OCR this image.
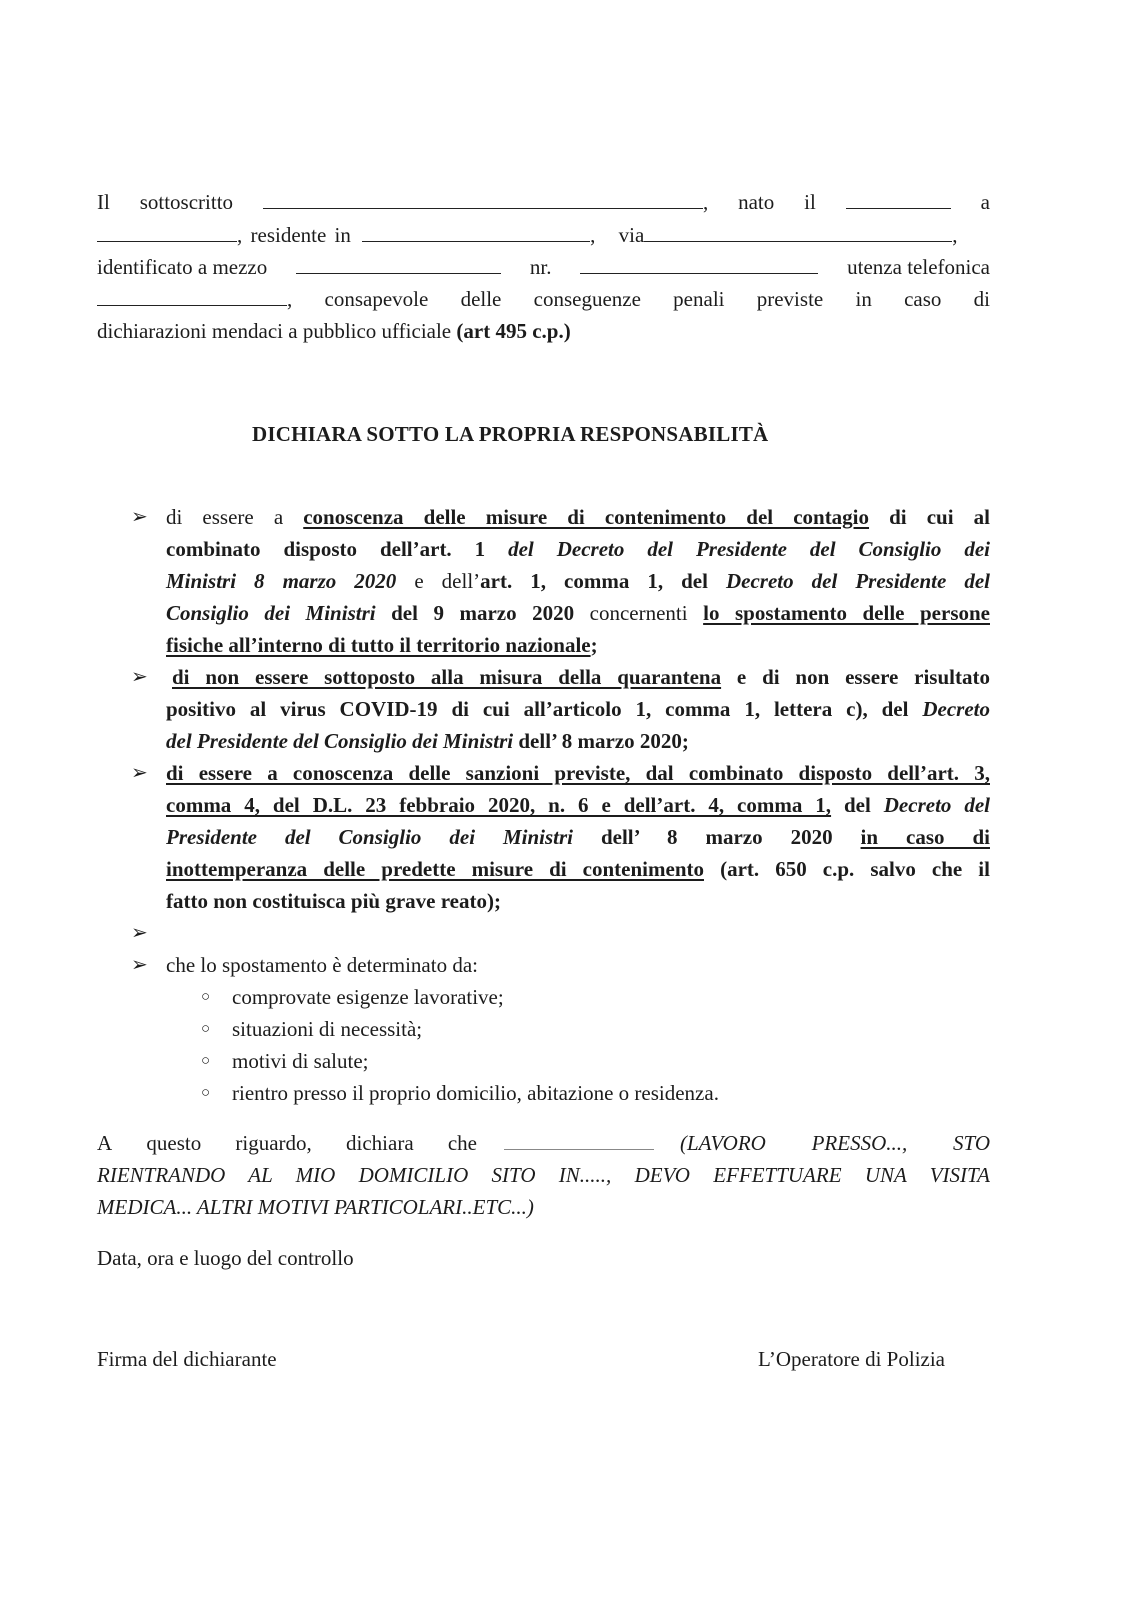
Il sottoscritto	, nato il	a
, residente in	, via	,
identificato a mezzo	nr.	utenza telefonica
, consapevole delle conseguenze penali previste in caso di
dichiarazioni mendaci a pubblico ufficiale (art 495 c.p.)
DICHIARA SOTTO LA PROPRIA RESPONSABILITÀ
➢ di essere a conoscenza delle misure di contenimento del contagio di cui al
combinato disposto dell’art. 1 del Decreto del Presidente del Consiglio dei
Ministri 8 marzo 2020 e dell’art. 1, comma 1, del Decreto del Presidente del
Consiglio dei Ministri del 9 marzo 2020 concernenti lo spostamento delle persone
fisiche all’interno di tutto il territorio nazionale;
➢ di non essere sottoposto alla misura della quarantena e di non essere risultato
positivo al virus COVID-19 di cui all’articolo 1, comma 1, lettera c), del Decreto
del Presidente del Consiglio dei Ministri dell’ 8 marzo 2020;
➢ di essere a conoscenza delle sanzioni previste, dal combinato disposto dell’art. 3,
comma 4, del D.L. 23 febbraio 2020, n. 6 e dell’art. 4, comma 1, del Decreto del
Presidente del Consiglio dei Ministri dell’ 8 marzo 2020 in caso di
inottemperanza delle predette misure di contenimento (art. 650 c.p. salvo che il
fatto non costituisca più grave reato);
➢
➢ che lo spostamento è determinato da:
○ comprovate esigenze lavorative;
○ situazioni di necessità;
○ motivi di salute;
○ rientro presso il proprio domicilio, abitazione o residenza.
A questo riguardo, dichiara che	(LAVORO PRESSO..., STO
RIENTRANDO AL MIO DOMICILIO SITO IN....., DEVO EFFETTUARE UNA VISITA
MEDICA... ALTRI MOTIVI PARTICOLARI..ETC...)
Data, ora e luogo del controllo
Firma del dichiarante	L’Operatore di Polizia
